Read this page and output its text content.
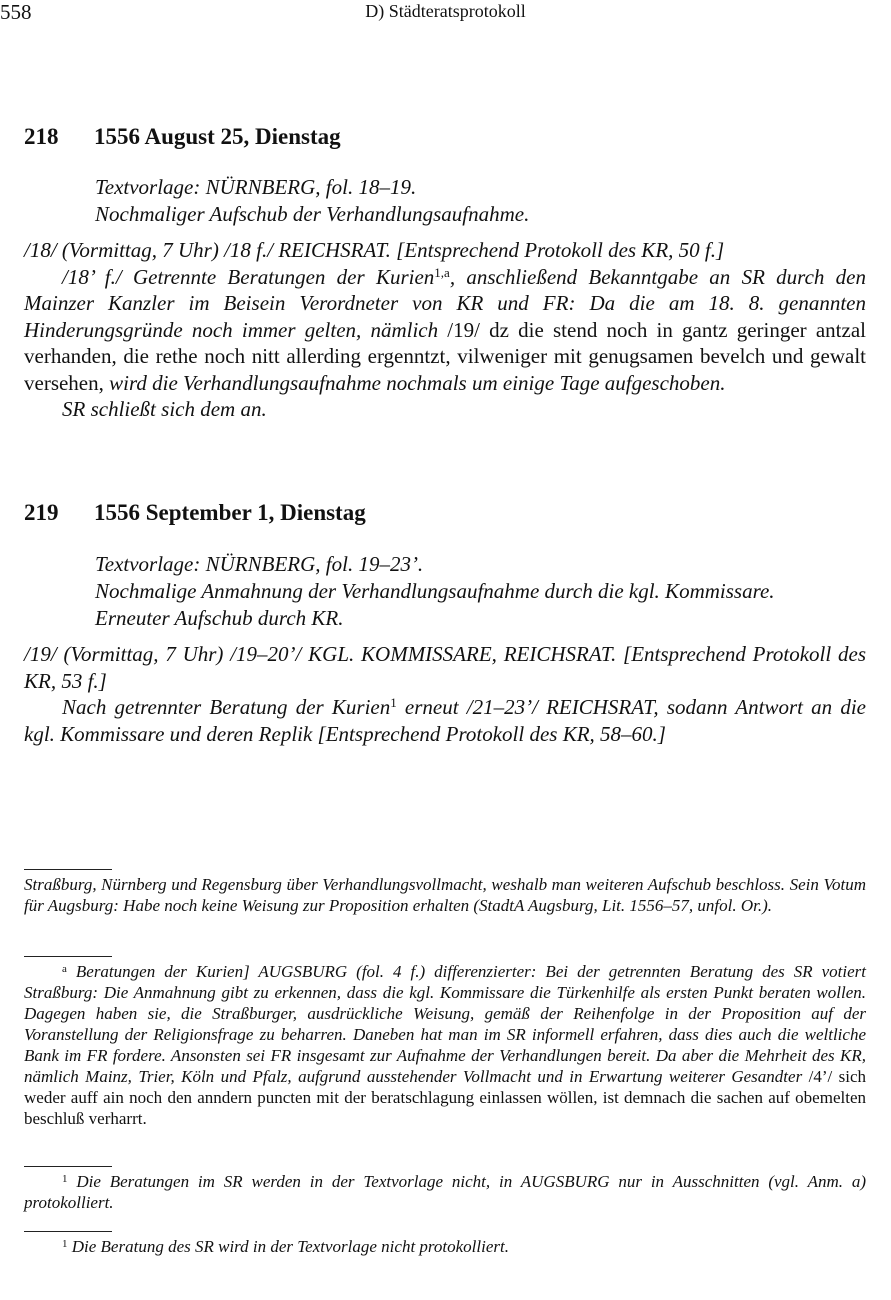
558	D) Städteratsprotokoll
218 1556 August 25, Dienstag
Textvorlage: NÜRNBERG, fol. 18–19.
Nochmaliger Aufschub der Verhandlungsaufnahme.

/18/ (Vormittag, 7 Uhr) /18 f./ REICHSRAT. [Entsprechend Protokoll des KR, 50 f.]

/18’ f./ Getrennte Beratungen der Kurien$^{1,a}$, anschließend Bekanntgabe an SR durch den Mainzer Kanzler im Beisein Verordneter von KR und FR: Da die am 18. 8. genannten Hinderungsgründe noch immer gelten, nämlich /19/ dz die stend noch in gantz geringer antzal verhanden, die rethe noch nitt allerding ergenntzt, vilweniger mit genugsamen bevelch und gewalt versehen, wird die Verhandlungsaufnahme nochmals um einige Tage aufgeschoben.

SR schließt sich dem an.

219 1556 September 1, Dienstag
Textvorlage: NÜRNBERG, fol. 19–23’.
Nochmalige Anmahnung der Verhandlungsaufnahme durch die kgl. Kommissare. Erneuter Aufschub durch KR.

/19/ (Vormittag, 7 Uhr) /19–20’/ KGL. KOMMISSARE, REICHSRAT. [Entsprechend Protokoll des KR, 53 f.]

Nach getrennter Beratung der Kurien$^1$ erneut /21–23’/ REICHSRAT, sodann Antwort an die kgl. Kommissare und deren Replik [Entsprechend Protokoll des KR, 58–60.]

Straßburg, Nürnberg und Regensburg über Verhandlungsvollmacht, weshalb man weiteren Aufschub beschloss. Sein Votum für Augsburg: Habe noch keine Weisung zur Proposition erhalten (StadtA Augsburg, Lit. 1556–57, unfol. Or.).

$^a$ Beratungen der Kurien] AUGSBURG (fol. 4 f.) differenzierter: Bei der getrennten Beratung des SR votiert Straßburg: Die Anmahnung gibt zu erkennen, dass die kgl. Kommissare die Türkenhilfe als ersten Punkt beraten wollen. Dagegen haben sie, die Straßburger, ausdrückliche Weisung, gemäß der Reihenfolge in der Proposition auf der Voranstellung der Religionsfrage zu beharren. Daneben hat man im SR informell erfahren, dass dies auch die weltliche Bank im FR fordere. Ansonsten sei FR insgesamt zur Aufnahme der Verhandlungen bereit. Da aber die Mehrheit des KR, nämlich Mainz, Trier, Köln und Pfalz, aufgrund ausstehender Vollmacht und in Erwartung weiterer Gesandter /4’/ sich weder auff ain noch den anndern puncten mit der beratschlagung einlassen wöllen, ist demnach die sachen auf obemelten beschluß verharrt.

$^1$ Die Beratungen im SR werden in der Textvorlage nicht, in AUGSBURG nur in Ausschnitten (vgl. Anm. a) protokolliert.

$^1$ Die Beratung des SR wird in der Textvorlage nicht protokolliert.
